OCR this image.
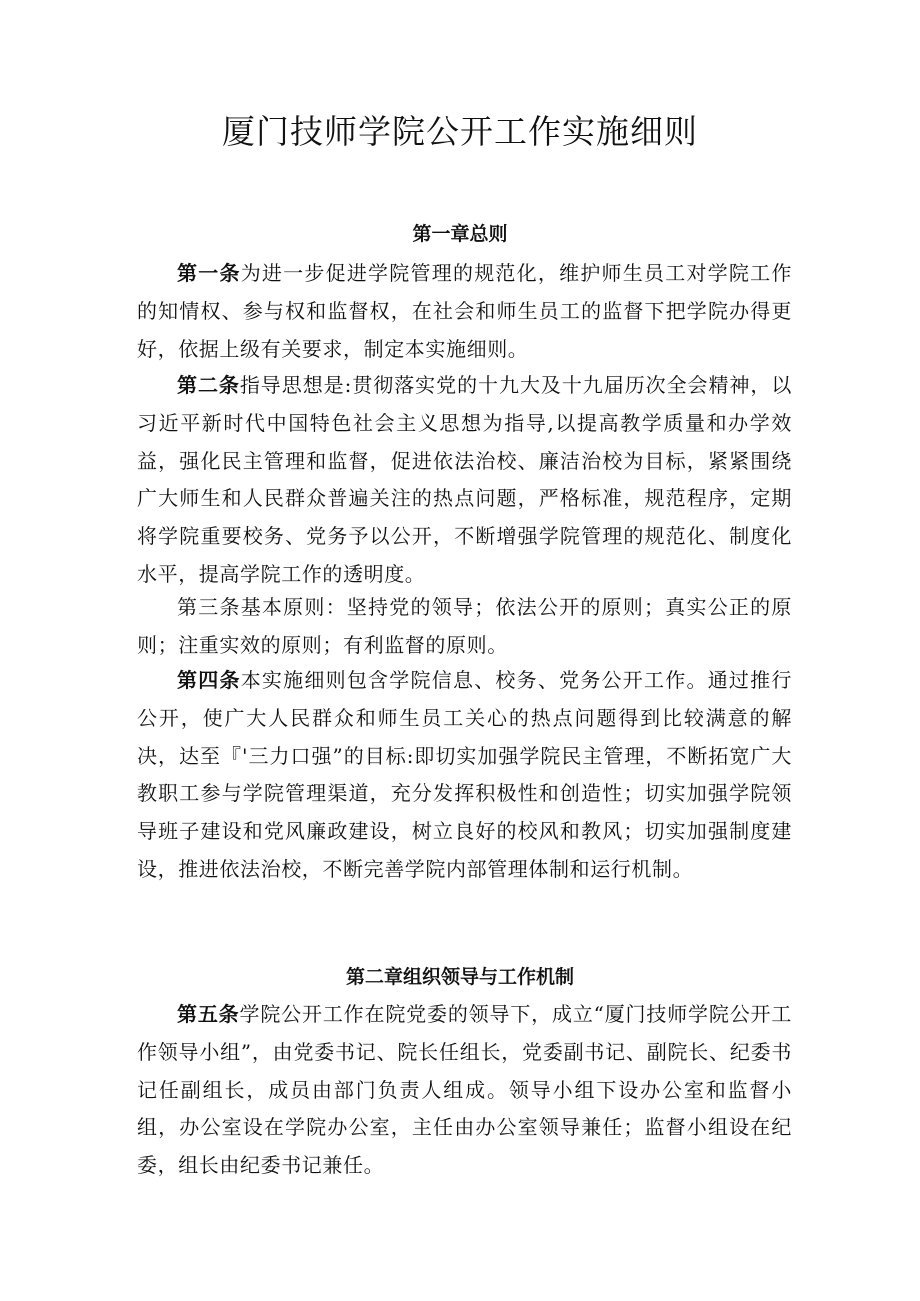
厦门技师学院公开工作实施细则
第一章总则

第一条为进一步促进学院管理的规范化，维护师生员工对学院工作的知情权、参与权和监督权，在社会和师生员工的监督下把学院办得更好，依据上级有关要求，制定本实施细则。

第二条指导思想是:贯彻落实党的十九大及十九届历次全会精神，以习近平新时代中国特色社会主义思想为指导,以提高教学质量和办学效益，强化民主管理和监督，促进依法治校、廉洁治校为目标，紧紧围绕广大师生和人民群众普遍关注的热点问题，严格标准，规范程序，定期将学院重要校务、党务予以公开，不断增强学院管理的规范化、制度化水平，提高学院工作的透明度。

第三条基本原则：坚持党的领导；依法公开的原则；真实公正的原则；注重实效的原则；有利监督的原则。

第四条本实施细则包含学院信息、校务、党务公开工作。通过推行公开，使广大人民群众和师生员工关心的热点问题得到比较满意的解决，达至『'三力口强”的目标:即切实加强学院民主管理，不断拓宽广大教职工参与学院管理渠道，充分发挥积极性和创造性；切实加强学院领导班子建设和党风廉政建设，树立良好的校风和教风；切实加强制度建设，推进依法治校，不断完善学院内部管理体制和运行机制。

第二章组织领导与工作机制

第五条学院公开工作在院党委的领导下，成立“厦门技师学院公开工作领导小组”，由党委书记、院长任组长，党委副书记、副院长、纪委书记任副组长，成员由部门负责人组成。领导小组下设办公室和监督小组，办公室设在学院办公室，主任由办公室领导兼任；监督小组设在纪委，组长由纪委书记兼任。
